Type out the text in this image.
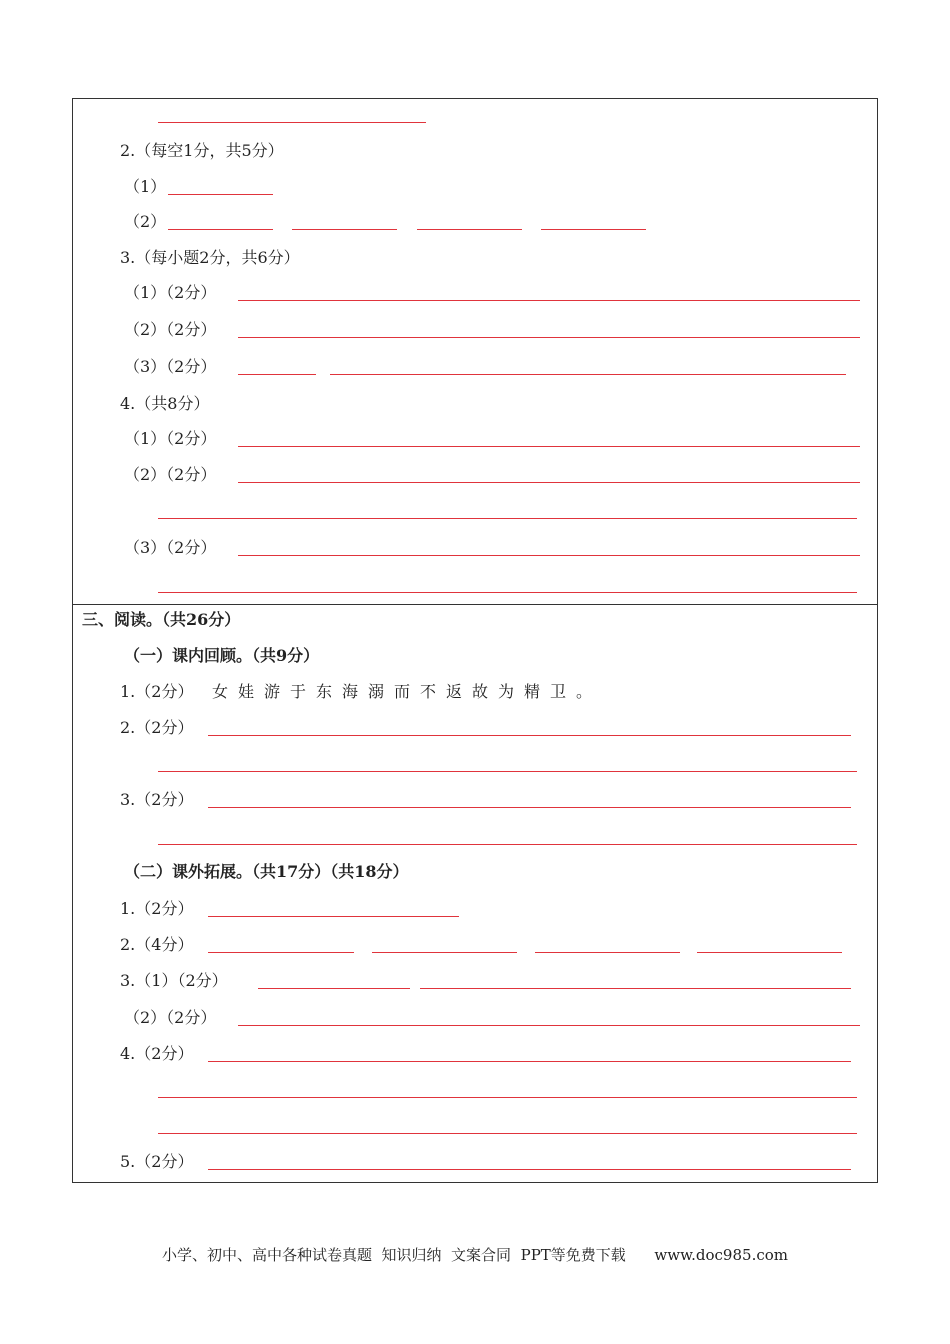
2.（每空1分，共5分）
（1）
（2）
3.（每小题2分，共6分）
（1）（2分）
（2）（2分）
（3）（2分）
4.（共8分）
（1）（2分）
（2）（2分）
（3）（2分）
三、阅读。（共26分）
（一）课内回顾。（共9分）
1.（2分） 女娃游于东海溺而不返故为精卫。
2.（2分）
3.（2分）
（二）课外拓展。（共17分）（共18分）
1.（2分）
2.（4分）
3.（1）（2分）
（2）（2分）
4.（2分）
5.（2分）
小学、初中、高中各种试卷真题  知识归纳  文案合同  PPT等免费下载      www.doc985.com
